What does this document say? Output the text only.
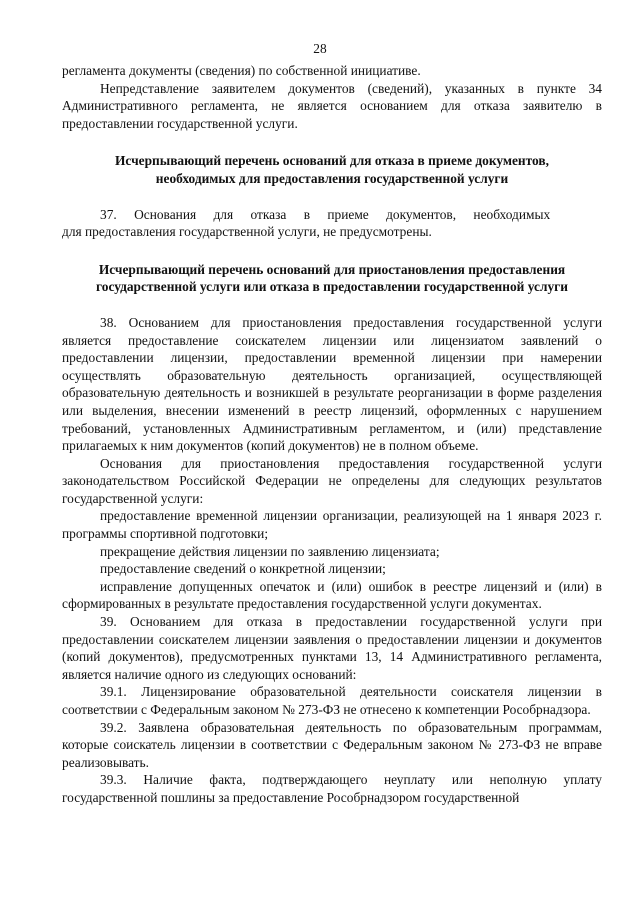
28

регламента документы (сведения) по собственной инициативе.

Непредставление заявителем документов (сведений), указанных в пункте 34 Административного регламента, не является основанием для отказа заявителю в предоставлении государственной услуги.

Исчерпывающий перечень оснований для отказа в приеме документов,

необходимых для предоставления государственной услуги

37. Основания для отказа в приеме документов, необходимых

для предоставления государственной услуги, не предусмотрены.

Исчерпывающий перечень оснований для приостановления предоставления

государственной услуги или отказа в предоставлении государственной услуги

38. Основанием для приостановления предоставления государственной услуги является предоставление соискателем лицензии или лицензиатом заявлений о предоставлении лицензии, предоставлении временной лицензии при намерении осуществлять образовательную деятельность организацией, осуществляющей образовательную деятельность и возникшей в результате реорганизации в форме разделения или выделения, внесении изменений в реестр лицензий, оформленных с нарушением требований, установленных Административным регламентом, и (или) представление прилагаемых к ним документов (копий документов) не в полном объеме.

Основания для приостановления предоставления государственной услуги законодательством Российской Федерации не определены для следующих результатов государственной услуги:

предоставление временной лицензии организации, реализующей на 1 января 2023 г. программы спортивной подготовки;

прекращение действия лицензии по заявлению лицензиата;

предоставление сведений о конкретной лицензии;

исправление допущенных опечаток и (или) ошибок в реестре лицензий и (или) в сформированных в результате предоставления государственной услуги документах.

39. Основанием для отказа в предоставлении государственной услуги при предоставлении соискателем лицензии заявления о предоставлении лицензии и документов (копий документов), предусмотренных пунктами 13, 14 Административного регламента, является наличие одного из следующих оснований:

39.1. Лицензирование образовательной деятельности соискателя лицензии в соответствии с Федеральным законом № 273-ФЗ не отнесено к компетенции Рособрнадзора.

39.2. Заявлена образовательная деятельность по образовательным программам, которые соискатель лицензии в соответствии с Федеральным законом № 273-ФЗ не вправе реализовывать.

39.3. Наличие факта, подтверждающего неуплату или неполную уплату государственной пошлины за предоставление Рособрнадзором государственной
